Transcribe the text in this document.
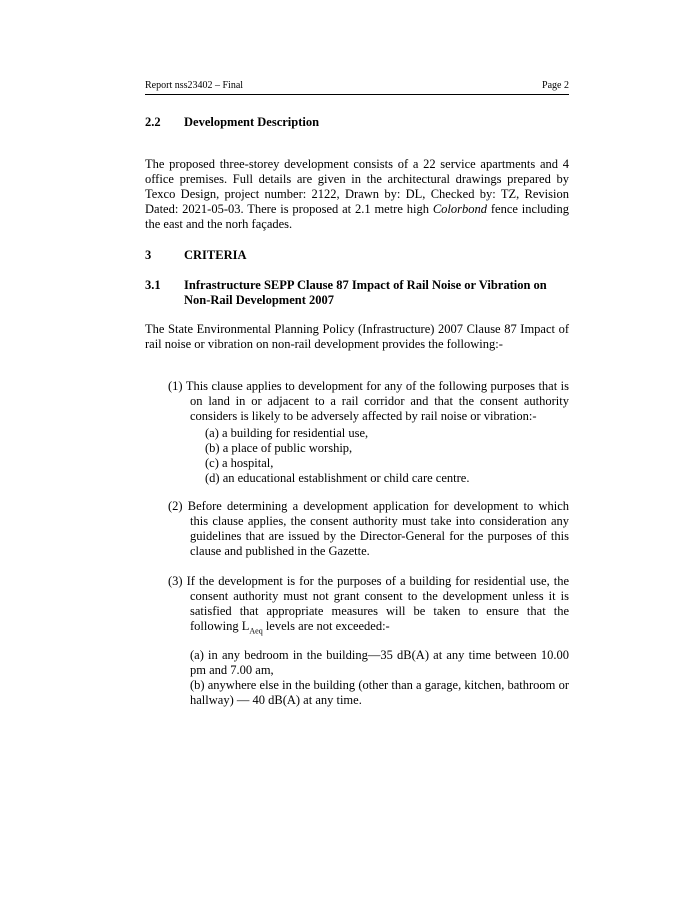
Report nss23402 – Final	Page 2
2.2	Development Description
The proposed three-storey development consists of a 22 service apartments and 4 office premises. Full details are given in the architectural drawings prepared by Texco Design, project number: 2122, Drawn by: DL, Checked by: TZ, Revision Dated: 2021-05-03. There is proposed at 2.1 metre high Colorbond fence including the east and the norh façades.
3	CRITERIA
3.1	Infrastructure SEPP Clause 87 Impact of Rail Noise or Vibration on
Non-Rail Development 2007
The State Environmental Planning Policy (Infrastructure) 2007 Clause 87 Impact of rail noise or vibration on non-rail development provides the following:-
(1) This clause applies to development for any of the following purposes that is on land in or adjacent to a rail corridor and that the consent authority considers is likely to be adversely affected by rail noise or vibration:-
(a) a building for residential use,
(b) a place of public worship,
(c) a hospital,
(d) an educational establishment or child care centre.
(2) Before determining a development application for development to which this clause applies, the consent authority must take into consideration any guidelines that are issued by the Director-General for the purposes of this clause and published in the Gazette.
(3) If the development is for the purposes of a building for residential use, the consent authority must not grant consent to the development unless it is satisfied that appropriate measures will be taken to ensure that the following $L_{Aeq}$ levels are not exceeded:-
(a) in any bedroom in the building—35 dB(A) at any time between 10.00 pm and 7.00 am,
(b) anywhere else in the building (other than a garage, kitchen, bathroom or hallway) — 40 dB(A) at any time.
